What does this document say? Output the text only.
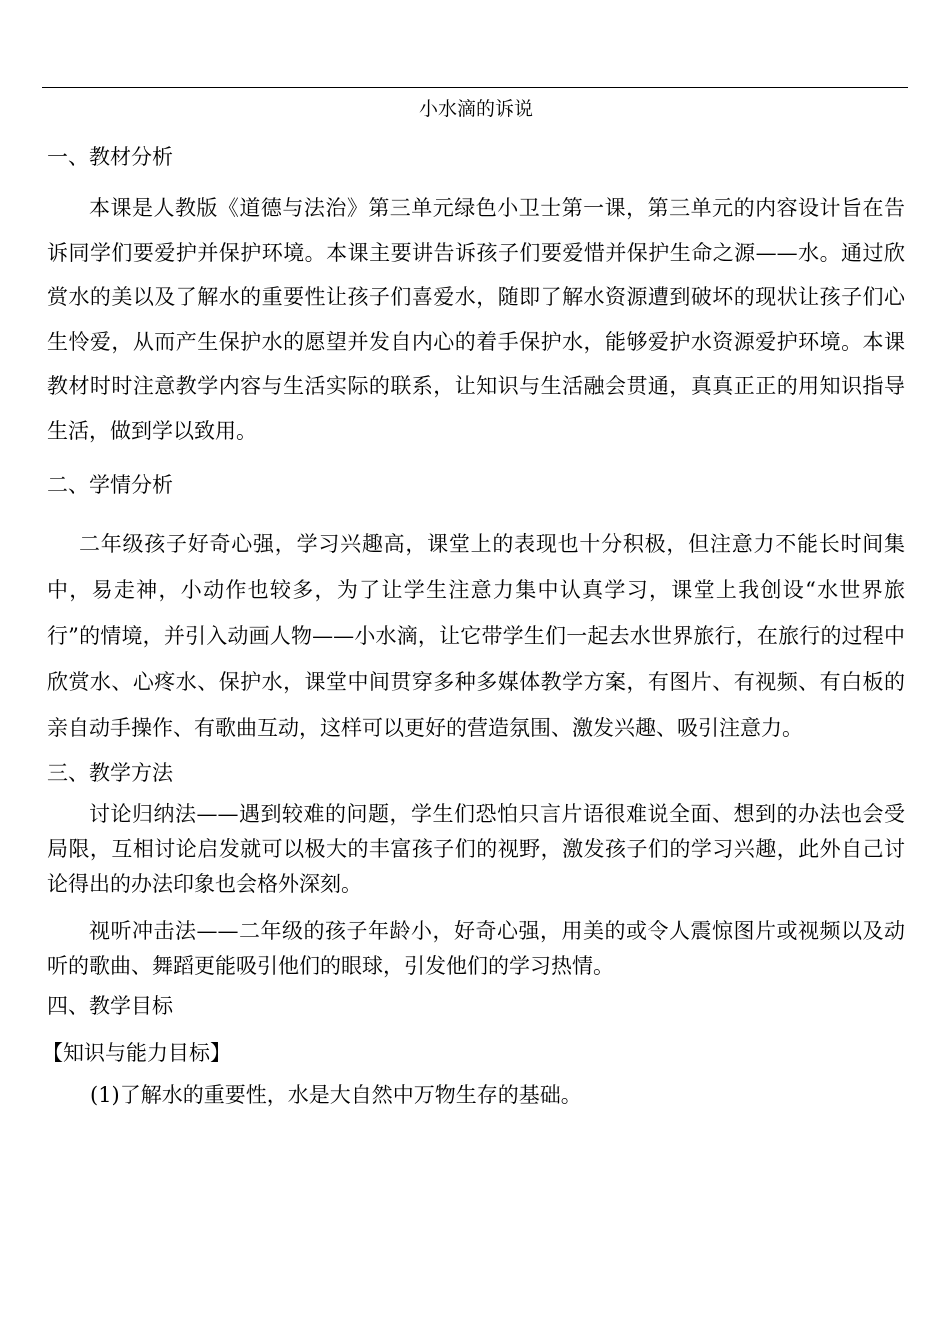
小水滴的诉说
一、教材分析

本课是人教版《道德与法治》第三单元绿色小卫士第一课，第三单元的内容设计旨在告诉同学们要爱护并保护环境。本课主要讲告诉孩子们要爱惜并保护生命之源——水。通过欣赏水的美以及了解水的重要性让孩子们喜爱水，随即了解水资源遭到破坏的现状让孩子们心生怜爱，从而产生保护水的愿望并发自内心的着手保护水，能够爱护水资源爱护环境。本课教材时时注意教学内容与生活实际的联系，让知识与生活融会贯通，真真正正的用知识指导生活，做到学以致用。

二、学情分析

二年级孩子好奇心强，学习兴趣高，课堂上的表现也十分积极，但注意力不能长时间集中，易走神，小动作也较多，为了让学生注意力集中认真学习，课堂上我创设“水世界旅行”的情境，并引入动画人物——小水滴，让它带学生们一起去水世界旅行，在旅行的过程中欣赏水、心疼水、保护水，课堂中间贯穿多种多媒体教学方案，有图片、有视频、有白板的亲自动手操作、有歌曲互动，这样可以更好的营造氛围、激发兴趣、吸引注意力。

三、教学方法

讨论归纳法——遇到较难的问题，学生们恐怕只言片语很难说全面、想到的办法也会受局限，互相讨论启发就可以极大的丰富孩子们的视野，激发孩子们的学习兴趣，此外自己讨论得出的办法印象也会格外深刻。

视听冲击法——二年级的孩子年龄小，好奇心强，用美的或令人震惊图片或视频以及动听的歌曲、舞蹈更能吸引他们的眼球，引发他们的学习热情。

四、教学目标
【知识与能力目标】
(1)了解水的重要性，水是大自然中万物生存的基础。
